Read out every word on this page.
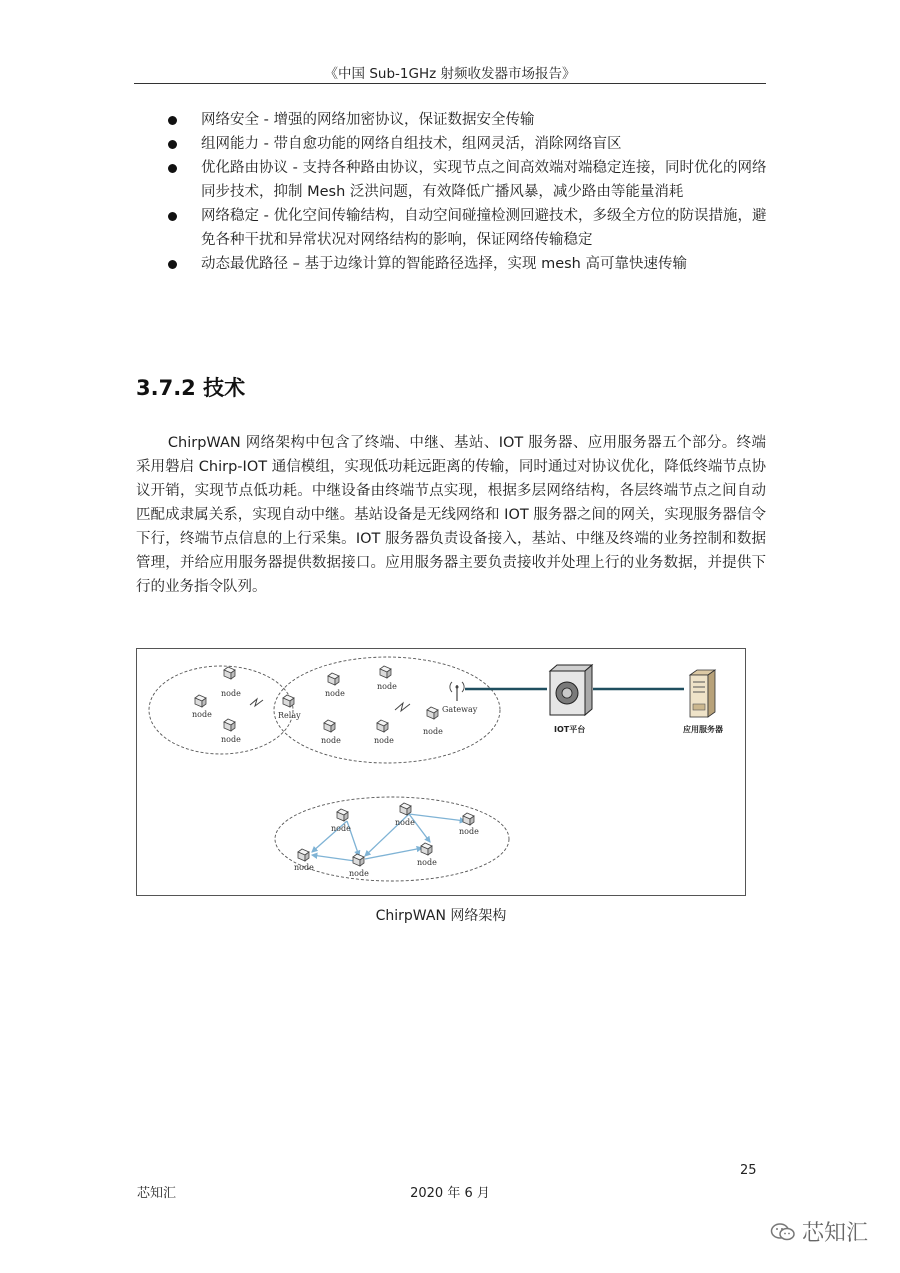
《中国 Sub-1GHz 射频收发器市场报告》
网络安全 - 增强的网络加密协议，保证数据安全传输
组网能力 - 带自愈功能的网络自组技术，组网灵活，消除网络盲区
优化路由协议 - 支持各种路由协议，实现节点之间高效端对端稳定连接，同时优化的网络同步技术，抑制 Mesh 泛洪问题，有效降低广播风暴，减少路由等能量消耗
网络稳定 - 优化空间传输结构，自动空间碰撞检测回避技术，多级全方位的防误措施，避免各种干扰和异常状况对网络结构的影响，保证网络传输稳定
动态最优路径 – 基于边缘计算的智能路径选择，实现 mesh 高可靠快速传输
3.7.2 技术

ChirpWAN 网络架构中包含了终端、中继、基站、IOT 服务器、应用服务器五个部分。终端采用磐启 Chirp-IOT 通信模组，实现低功耗远距离的传输，同时通过对协议优化，降低终端节点协议开销，实现节点低功耗。中继设备由终端节点实现，根据多层网络结构，各层终端节点之间自动匹配成隶属关系，实现自动中继。基站设备是无线网络和 IOT 服务器之间的网关，实现服务器信令下行，终端节点信息的上行采集。IOT 服务器负责设备接入，基站、中继及终端的业务控制和数据管理，并给应用服务器提供数据接口。应用服务器主要负责接收并处理上行的业务数据，并提供下行的业务指令队列。

node
node
node
Relay
node
node
node	node
node
Gateway
IOT平台	应用服务器
node
node
node
node
node
node
ChirpWAN 网络架构
25
芯知汇	2020 年 6 月
芯知汇
